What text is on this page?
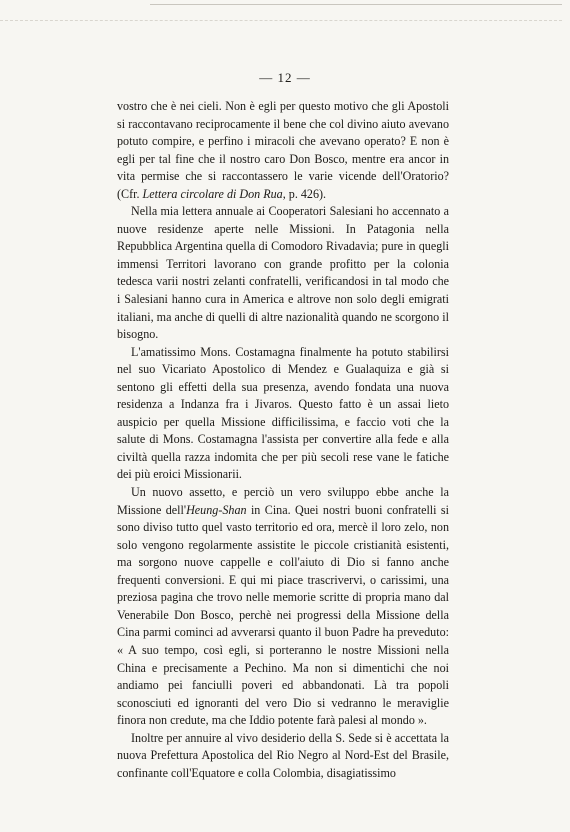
— 12 —

vostro che è nei cieli. Non è egli per questo motivo che gli Apostoli si raccontavano reciprocamente il bene che col divino aiuto avevano potuto compire, e perfino i miracoli che avevano operato? E non è egli per tal fine che il nostro caro Don Bosco, mentre era ancor in vita permise che si raccontassero le varie vicende dell'Oratorio? (Cfr. Lettera circolare di Don Rua, p. 426).

Nella mia lettera annuale ai Cooperatori Salesiani ho accennato a nuove residenze aperte nelle Missioni. In Patagonia nella Repubblica Argentina quella di Comodoro Rivadavia; pure in quegli immensi Territori lavorano con grande profitto per la colonia tedesca varii nostri zelanti confratelli, verificandosi in tal modo che i Salesiani hanno cura in America e altrove non solo degli emigrati italiani, ma anche di quelli di altre nazionalità quando ne scorgono il bisogno.

L'amatissimo Mons. Costamagna finalmente ha potuto stabilirsi nel suo Vicariato Apostolico di Mendez e Gualaquiza e già si sentono gli effetti della sua presenza, avendo fondata una nuova residenza a Indanza fra i Jivaros. Questo fatto è un assai lieto auspicio per quella Missione difficilissima, e faccio voti che la salute di Mons. Costamagna l'assista per convertire alla fede e alla civiltà quella razza indomita che per più secoli rese vane le fatiche dei più eroici Missionarii.

Un nuovo assetto, e perciò un vero sviluppo ebbe anche la Missione dell'Heung-Shan in Cina. Quei nostri buoni confratelli si sono diviso tutto quel vasto territorio ed ora, mercè il loro zelo, non solo vengono regolarmente assistite le piccole cristianità esistenti, ma sorgono nuove cappelle e coll'aiuto di Dio si fanno anche frequenti conversioni. E qui mi piace trascrivervi, o carissimi, una preziosa pagina che trovo nelle memorie scritte di propria mano dal Venerabile Don Bosco, perchè nei progressi della Missione della Cina parmi cominci ad avverarsi quanto il buon Padre ha preveduto: « A suo tempo, così egli, si porteranno le nostre Missioni nella China e precisamente a Pechino. Ma non si dimentichi che noi andiamo pei fanciulli poveri ed abbandonati. Là tra popoli sconosciuti ed ignoranti del vero Dio si vedranno le meraviglie finora non credute, ma che Iddio potente farà palesi al mondo ».

Inoltre per annuire al vivo desiderio della S. Sede si è accettata la nuova Prefettura Apostolica del Rio Negro al Nord-Est del Brasile, confinante coll'Equatore e colla Colombia, disagiatissimo
